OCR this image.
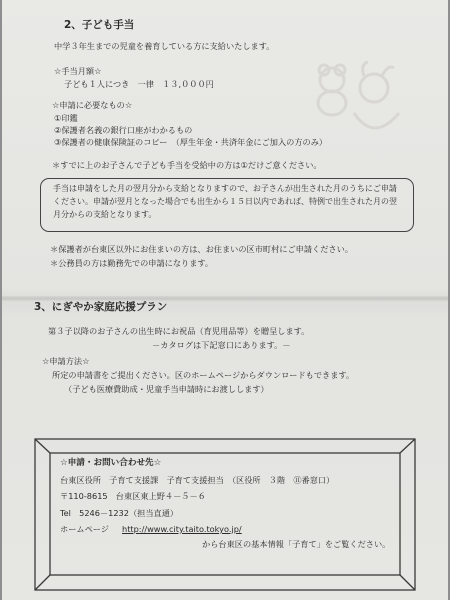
2、子ども手当
中学３年生までの児童を養育している方に支給いたします。
☆手当月額☆
子ども１人につき　一律　１３,０００円
☆申請に必要なもの☆
①印鑑
②保護者名義の銀行口座がわかるもの
③保護者の健康保険証のコピー　（厚生年金・共済年金にご加入の方のみ）
＊すでに上のお子さんで子ども手当を受給中の方は①だけご意ください。
手当は申請をした月の翌月分から支給となりますので、お子さんが出生された月のうちにご申請
ください。申請が翌月となった場合でも出生から１５日以内であれば、特例で出生された月の翌
月分からの支給となります。
＊保護者が台東区以外にお住まいの方は、お住まいの区市町村にご申請ください。
＊公務員の方は勤務先での申請になります。
3、にぎやか家庭応援プラン
第３子以降のお子さんの出生時にお祝品（育児用品等）を贈呈します。
－カタログは下記窓口にあります。－
☆申請方法☆
所定の申請書をご提出ください。区のホームページからダウンロードもできます。
（子ども医療費助成・児童手当申請時にお渡しします）
☆申請・お問い合わせ先☆
台東区役所　子育て支援課　子育て支援担当　（区役所　３階　⑪番窓口）
〒110-8615　台東区東上野４－５－６
Tel　5246－1232（担当直通）
ホームページ http://www.city.taito.tokyo.jp/
から台東区の基本情報「子育て」をご覧ください。
